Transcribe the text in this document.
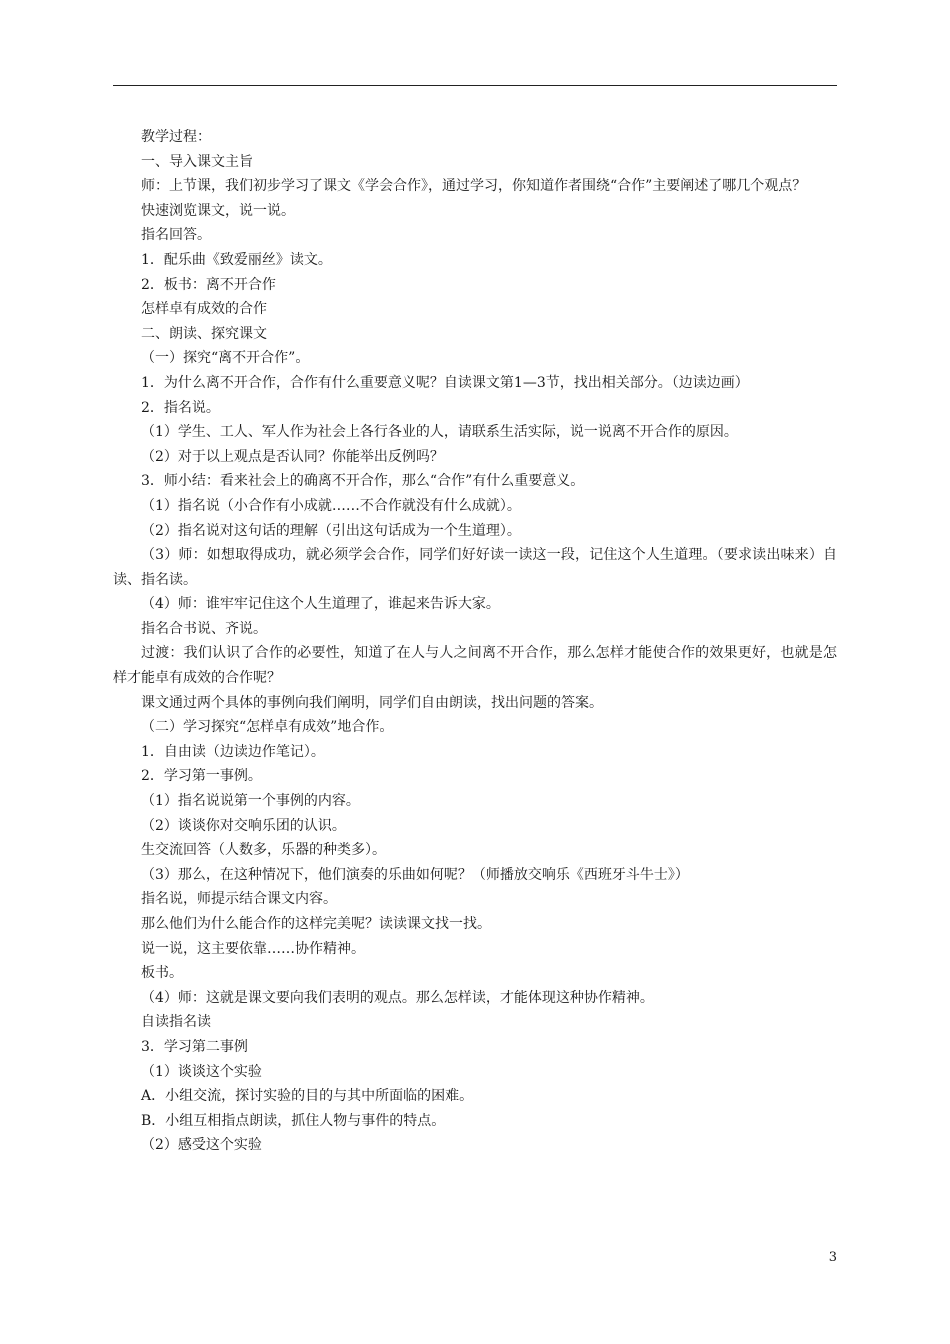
教学过程：

一、导入课文主旨

师：上节课，我们初步学习了课文《学会合作》，通过学习，你知道作者围绕“合作”主要阐述了哪几个观点？

快速浏览课文，说一说。

指名回答。

1．配乐曲《致爱丽丝》读文。

2．板书：离不开合作

怎样卓有成效的合作

二、朗读、探究课文

（一）探究“离不开合作”。

1．为什么离不开合作，合作有什么重要意义呢？自读课文第1—3节，找出相关部分。（边读边画）

2．指名说。

（1）学生、工人、军人作为社会上各行各业的人，请联系生活实际，说一说离不开合作的原因。

（2）对于以上观点是否认同？你能举出反例吗？

3．师小结：看来社会上的确离不开合作，那么“合作”有什么重要意义。

（1）指名说（小合作有小成就……不合作就没有什么成就）。

（2）指名说对这句话的理解（引出这句话成为一个生道理）。

（3）师：如想取得成功，就必须学会合作，同学们好好读一读这一段，记住这个人生道理。（要求读出味来）自读、指名读。

（4）师：谁牢牢记住这个人生道理了，谁起来告诉大家。

指名合书说、齐说。

过渡：我们认识了合作的必要性，知道了在人与人之间离不开合作，那么怎样才能使合作的效果更好，也就是怎样才能卓有成效的合作呢？

课文通过两个具体的事例向我们阐明，同学们自由朗读，找出问题的答案。

（二）学习探究“怎样卓有成效”地合作。

1．自由读（边读边作笔记）。

2．学习第一事例。

（1）指名说说第一个事例的内容。

（2）谈谈你对交响乐团的认识。

生交流回答（人数多，乐器的种类多）。

（3）那么，在这种情况下，他们演奏的乐曲如何呢？（师播放交响乐《西班牙斗牛士》）

指名说，师提示结合课文内容。

那么他们为什么能合作的这样完美呢？读读课文找一找。

说一说，这主要依靠……协作精神。

板书。

（4）师：这就是课文要向我们表明的观点。那么怎样读，才能体现这种协作精神。

自读指名读

3．学习第二事例

（1）谈谈这个实验

A．小组交流，探讨实验的目的与其中所面临的困难。

B．小组互相指点朗读，抓住人物与事件的特点。

（2）感受这个实验

3
